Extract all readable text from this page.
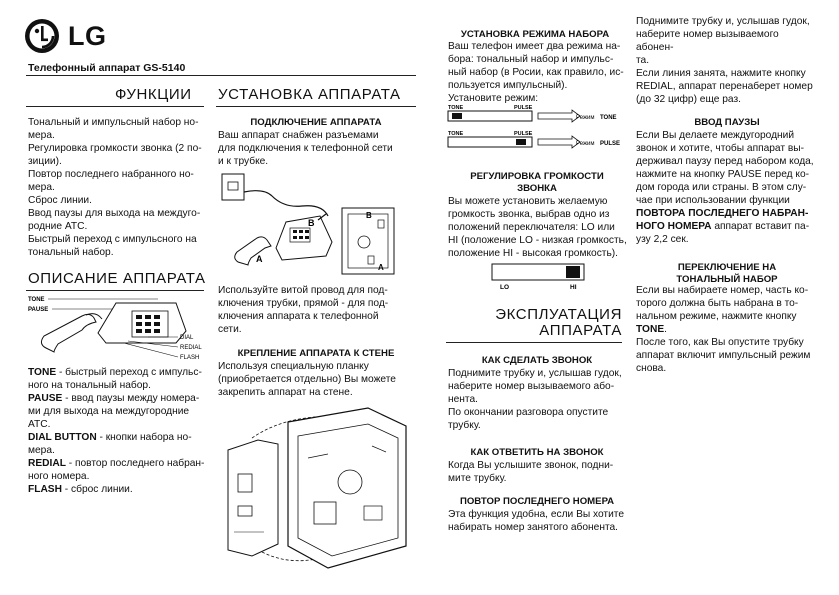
LG
Телефонный аппарат GS-5140
ФУНКЦИИ
Тональный и импульсный набор но-
мера.
Регулировка громкости звонка (2 по-
зиции).
Повтор последнего набранного но-
мера.
Сброс линии.
Ввод паузы для выхода на междуго-
родние АТС.
Быстрый переход с импульсного на
тональный набор.
ОПИСАНИЕ АППАРАТА
TONE
PAUSE
DIAL
REDIAL
FLASH
TONE - быстрый переход с импульс-
ного на тональный набор.
PAUSE - ввод паузы между номера-
ми для выхода на междугородние
АТС.
DIAL BUTTON - кнопки набора но-
мера.
REDIAL - повтор последнего набран-
ного номера.
FLASH - сброс линии.
УСТАНОВКА АППАРАТА
ПОДКЛЮЧЕНИЕ АППАРАТА
Ваш аппарат снабжен разъемами
для подключения к телефонной сети
и к трубке.
A
B
B
A
Используйте витой провод для под-
ключения трубки, прямой - для под-
ключения аппарата к телефонной
сети.
КРЕПЛЕНИЕ АППАРАТА К СТЕНЕ
Используя специальную планку
(приобретается отдельно) Вы можете
закрепить аппарат на стене.
УСТАНОВКА РЕЖИМА НАБОРА
Ваш телефон имеет два режима на-
бора: тональный набор и импульс-
ный набор (в Росии, как правило, ис-
пользуется импульсный).
Установите режим:
TONE	PULSE
Режим TONE
TONE	PULSE
Режим PULSE
РЕГУЛИРОВКА ГРОМКОСТИ
ЗВОНКА
Вы можете установить желаемую
громкость звонка, выбрав одно из
положений переключателя: LO или
HI (положение LO - низкая громкость,
положение HI - высокая громкость).
LO	HI
ЭКСПЛУАТАЦИЯ
АППАРАТА
КАК СДЕЛАТЬ ЗВОНОК
Поднимите трубку и, услышав гудок,
наберите номер вызываемого або-
нента.
По окончании разговора опустите
трубку.
КАК ОТВЕТИТЬ НА ЗВОНОК
Когда Вы услышите звонок, подни-
мите трубку.
ПОВТОР ПОСЛЕДНЕГО НОМЕРА
Эта функция удобна, если Вы хотите
набирать номер занятого абонента.
Поднимите трубку и, услышав гудок,
наберите номер вызываемого абонен-
та.
Если линия занята, нажмите кнопку
REDIAL, аппарат перенаберет номер
(до 32 цифр) еще раз.
ВВОД ПАУЗЫ
Если Вы делаете междугородний
звонок и хотите, чтобы аппарат вы-
держивал паузу перед набором кода,
нажмите на кнопку PAUSE перед ко-
дом города или страны. В этом слу-
чае при использовании функции
ПОВТОРА ПОСЛЕДНЕГО НАБРАН-
НОГО НОМЕРА аппарат вставит па-
узу 2,2 сек.
ПЕРЕКЛЮЧЕНИЕ НА
ТОНАЛЬНЫЙ НАБОР
Если вы набираете номер, часть ко-
торого должна быть набрана в то-
нальном режиме, нажмите кнопку
TONE.
После того, как Вы опустите трубку
аппарат включит импульсный режим
снова.
